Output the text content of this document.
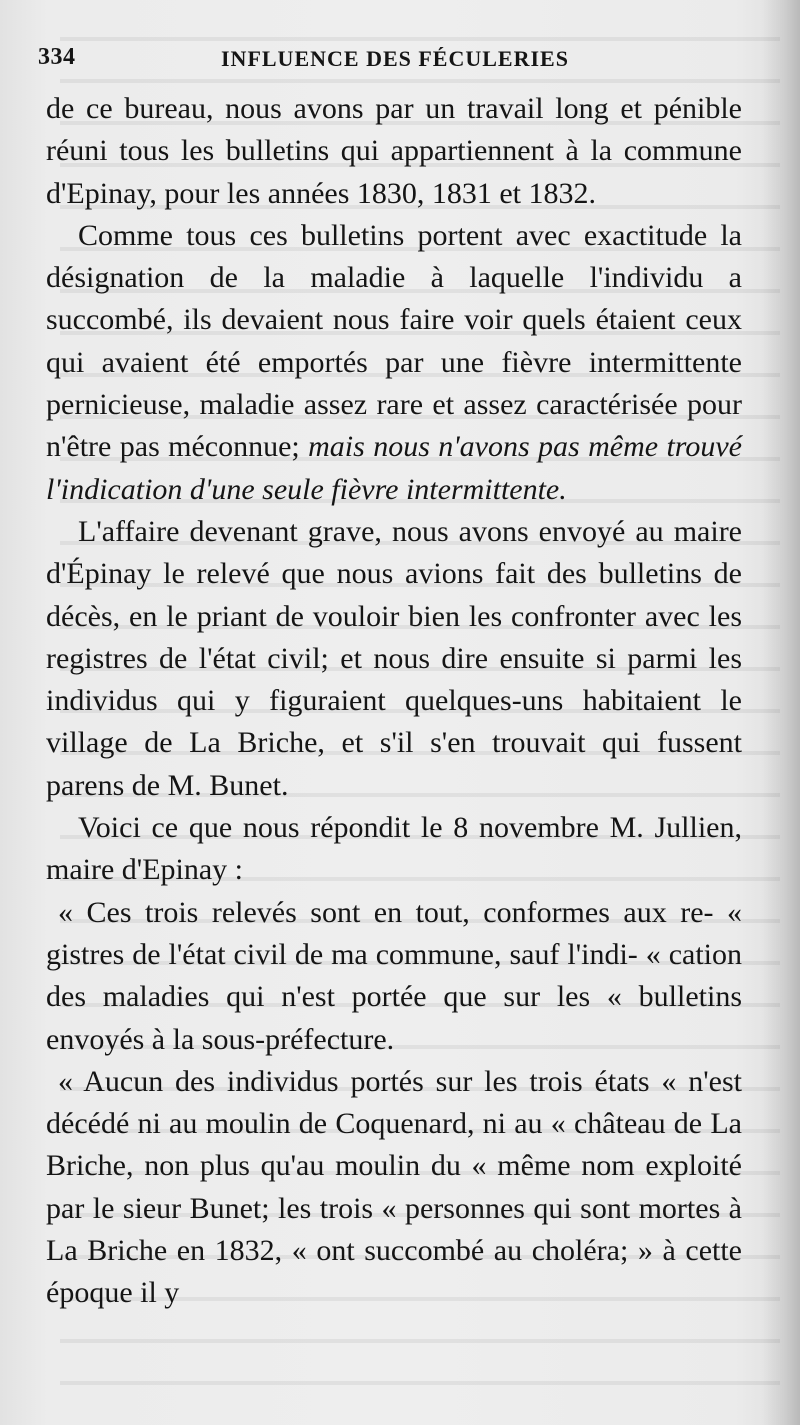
334	INFLUENCE DES FÉCULERIES

de ce bureau, nous avons par un travail long et pénible réuni tous les bulletins qui appartiennent à la commune d'Epinay, pour les années 1830, 1831 et 1832.

Comme tous ces bulletins portent avec exactitude la désignation de la maladie à laquelle l'individu a succombé, ils devaient nous faire voir quels étaient ceux qui avaient été emportés par une fièvre intermittente pernicieuse, maladie assez rare et assez caractérisée pour n'être pas méconnue; mais nous n'avons pas même trouvé l'indication d'une seule fièvre intermittente.

L'affaire devenant grave, nous avons envoyé au maire d'Épinay le relevé que nous avions fait des bulletins de décès, en le priant de vouloir bien les confronter avec les registres de l'état civil; et nous dire ensuite si parmi les individus qui y figuraient quelques-uns habitaient le village de La Briche, et s'il s'en trouvait qui fussent parens de M. Bunet.

Voici ce que nous répondit le 8 novembre M. Jullien, maire d'Epinay :

« Ces trois relevés sont en tout, conformes aux re- « gistres de l'état civil de ma commune, sauf l'indi- « cation des maladies qui n'est portée que sur les « bulletins envoyés à la sous-préfecture.

« Aucun des individus portés sur les trois états « n'est décédé ni au moulin de Coquenard, ni au « château de La Briche, non plus qu'au moulin du « même nom exploité par le sieur Bunet; les trois « personnes qui sont mortes à La Briche en 1832, « ont succombé au choléra; » à cette époque il y
